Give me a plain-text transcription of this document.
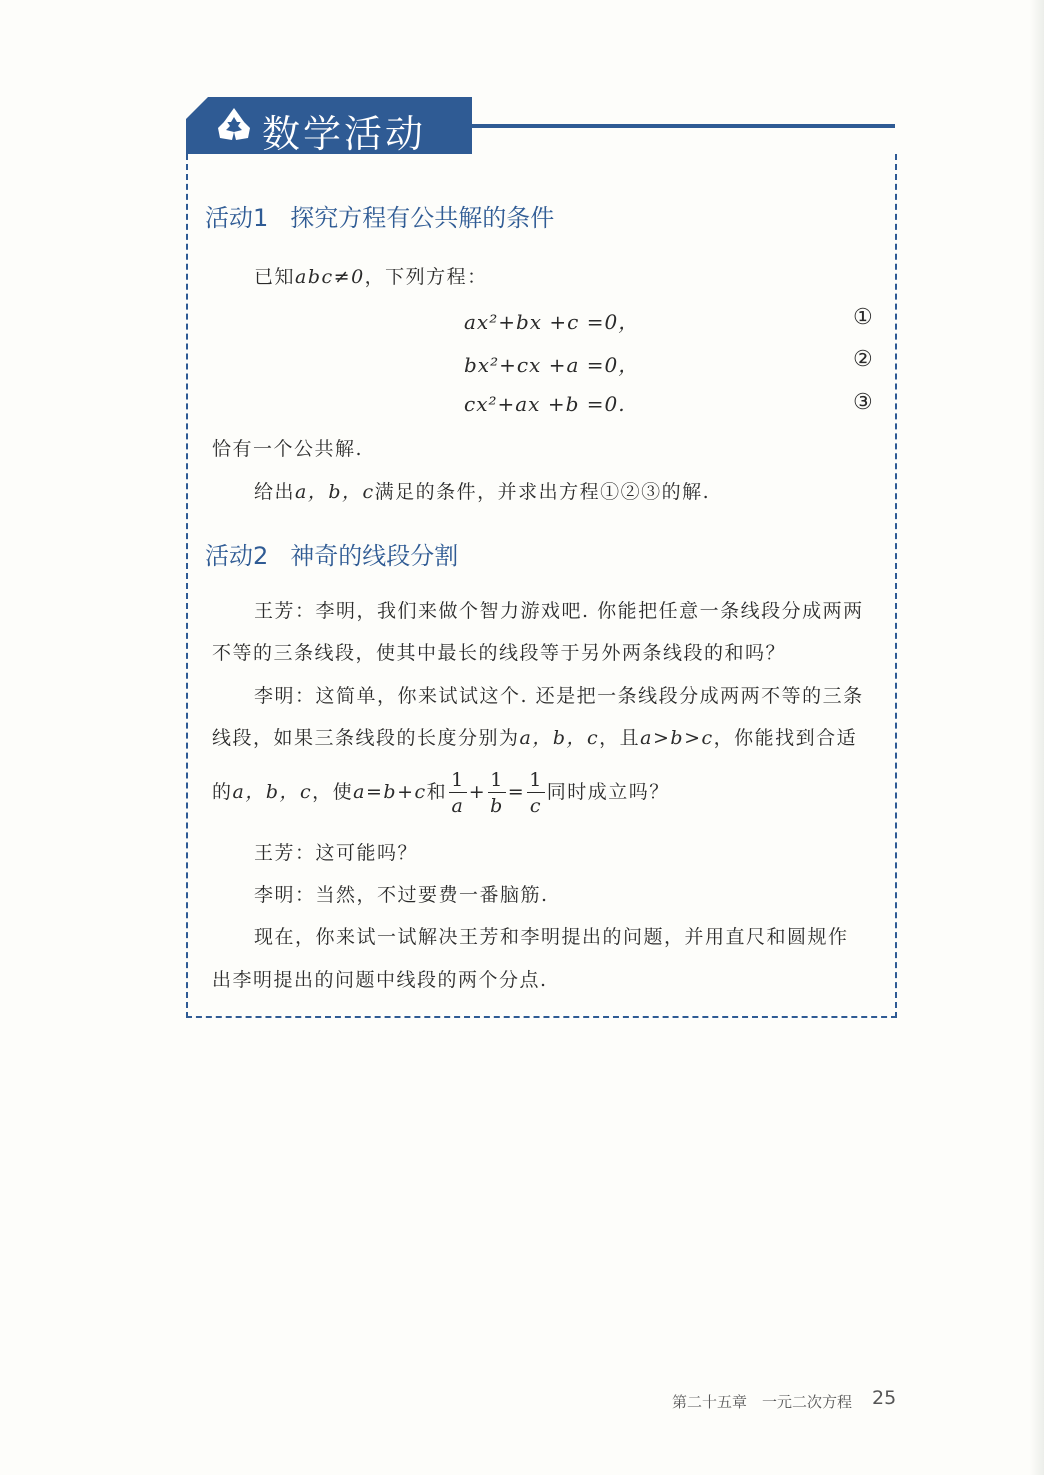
数学活动
活动1 探究方程有公共解的条件
已知abc≠0，下列方程：
ax²+bx +c =0，	①
bx²+cx +a =0，	②
cx²+ax +b =0.	③
恰有一个公共解.
给出a，b，c满足的条件，并求出方程①②③的解.
活动2 神奇的线段分割
王芳：李明，我们来做个智力游戏吧. 你能把任意一条线段分成两两
不等的三条线段，使其中最长的线段等于另外两条线段的和吗？
李明：这简单，你来试试这个. 还是把一条线段分成两两不等的三条
线段，如果三条线段的长度分别为a，b，c，且a>b>c，你能找到合适
的a，b，c，使a=b+c和 $\frac{1}{a} + \frac{1}{b} = \frac{1}{c}$ 同时成立吗？
王芳：这可能吗？
李明：当然，不过要费一番脑筋.
现在，你来试一试解决王芳和李明提出的问题，并用直尺和圆规作
出李明提出的问题中线段的两个分点.
第二十五章　一元二次方程 25
